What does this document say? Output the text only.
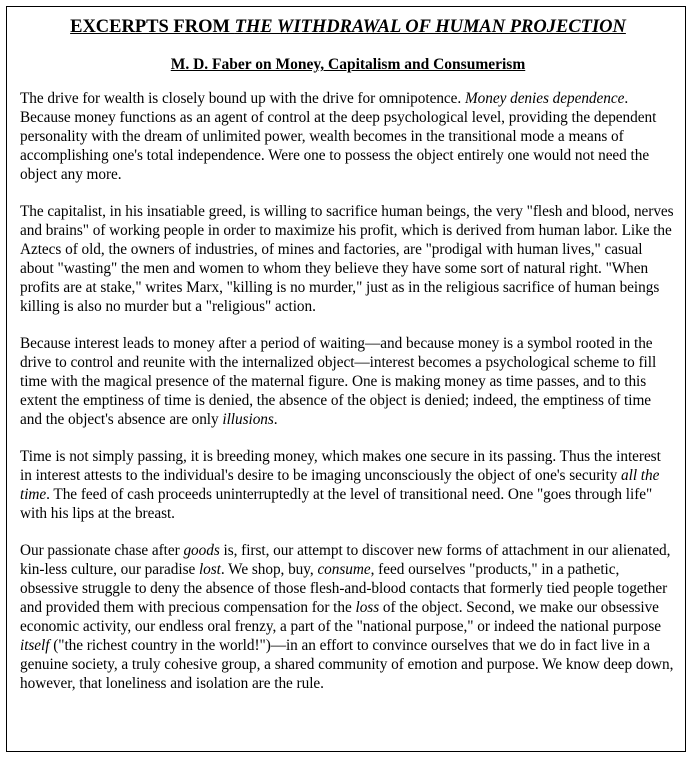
EXCERPTS FROM THE WITHDRAWAL OF HUMAN PROJECTION
M. D. Faber on Money, Capitalism and Consumerism

The drive for wealth is closely bound up with the drive for omnipotence. Money denies dependence. Because money functions as an agent of control at the deep psychological level, providing the dependent personality with the dream of unlimited power, wealth becomes in the transitional mode a means of accomplishing one's total independence. Were one to possess the object entirely one would not need the object any more.

The capitalist, in his insatiable greed, is willing to sacrifice human beings, the very "flesh and blood, nerves and brains" of working people in order to maximize his profit, which is derived from human labor. Like the Aztecs of old, the owners of industries, of mines and factories, are "prodigal with human lives," casual about "wasting" the men and women to whom they believe they have some sort of natural right. "When profits are at stake," writes Marx, "killing is no murder," just as in the religious sacrifice of human beings killing is also no murder but a "religious" action.

Because interest leads to money after a period of waiting—and because money is a symbol rooted in the drive to control and reunite with the internalized object—interest becomes a psychological scheme to fill time with the magical presence of the maternal figure. One is making money as time passes, and to this extent the emptiness of time is denied, the absence of the object is denied; indeed, the emptiness of time and the object's absence are only illusions.

Time is not simply passing, it is breeding money, which makes one secure in its passing. Thus the interest in interest attests to the individual's desire to be imaging unconsciously the object of one's security all the time. The feed of cash proceeds uninterruptedly at the level of transitional need. One "goes through life" with his lips at the breast.

Our passionate chase after goods is, first, our attempt to discover new forms of attachment in our alienated, kin-less culture, our paradise lost. We shop, buy, consume, feed ourselves "products," in a pathetic, obsessive struggle to deny the absence of those flesh-and-blood contacts that formerly tied people together and provided them with precious compensation for the loss of the object. Second, we make our obsessive economic activity, our endless oral frenzy, a part of the "national purpose," or indeed the national purpose itself ("the richest country in the world!")—in an effort to convince ourselves that we do in fact live in a genuine society, a truly cohesive group, a shared community of emotion and purpose. We know deep down, however, that loneliness and isolation are the rule.
